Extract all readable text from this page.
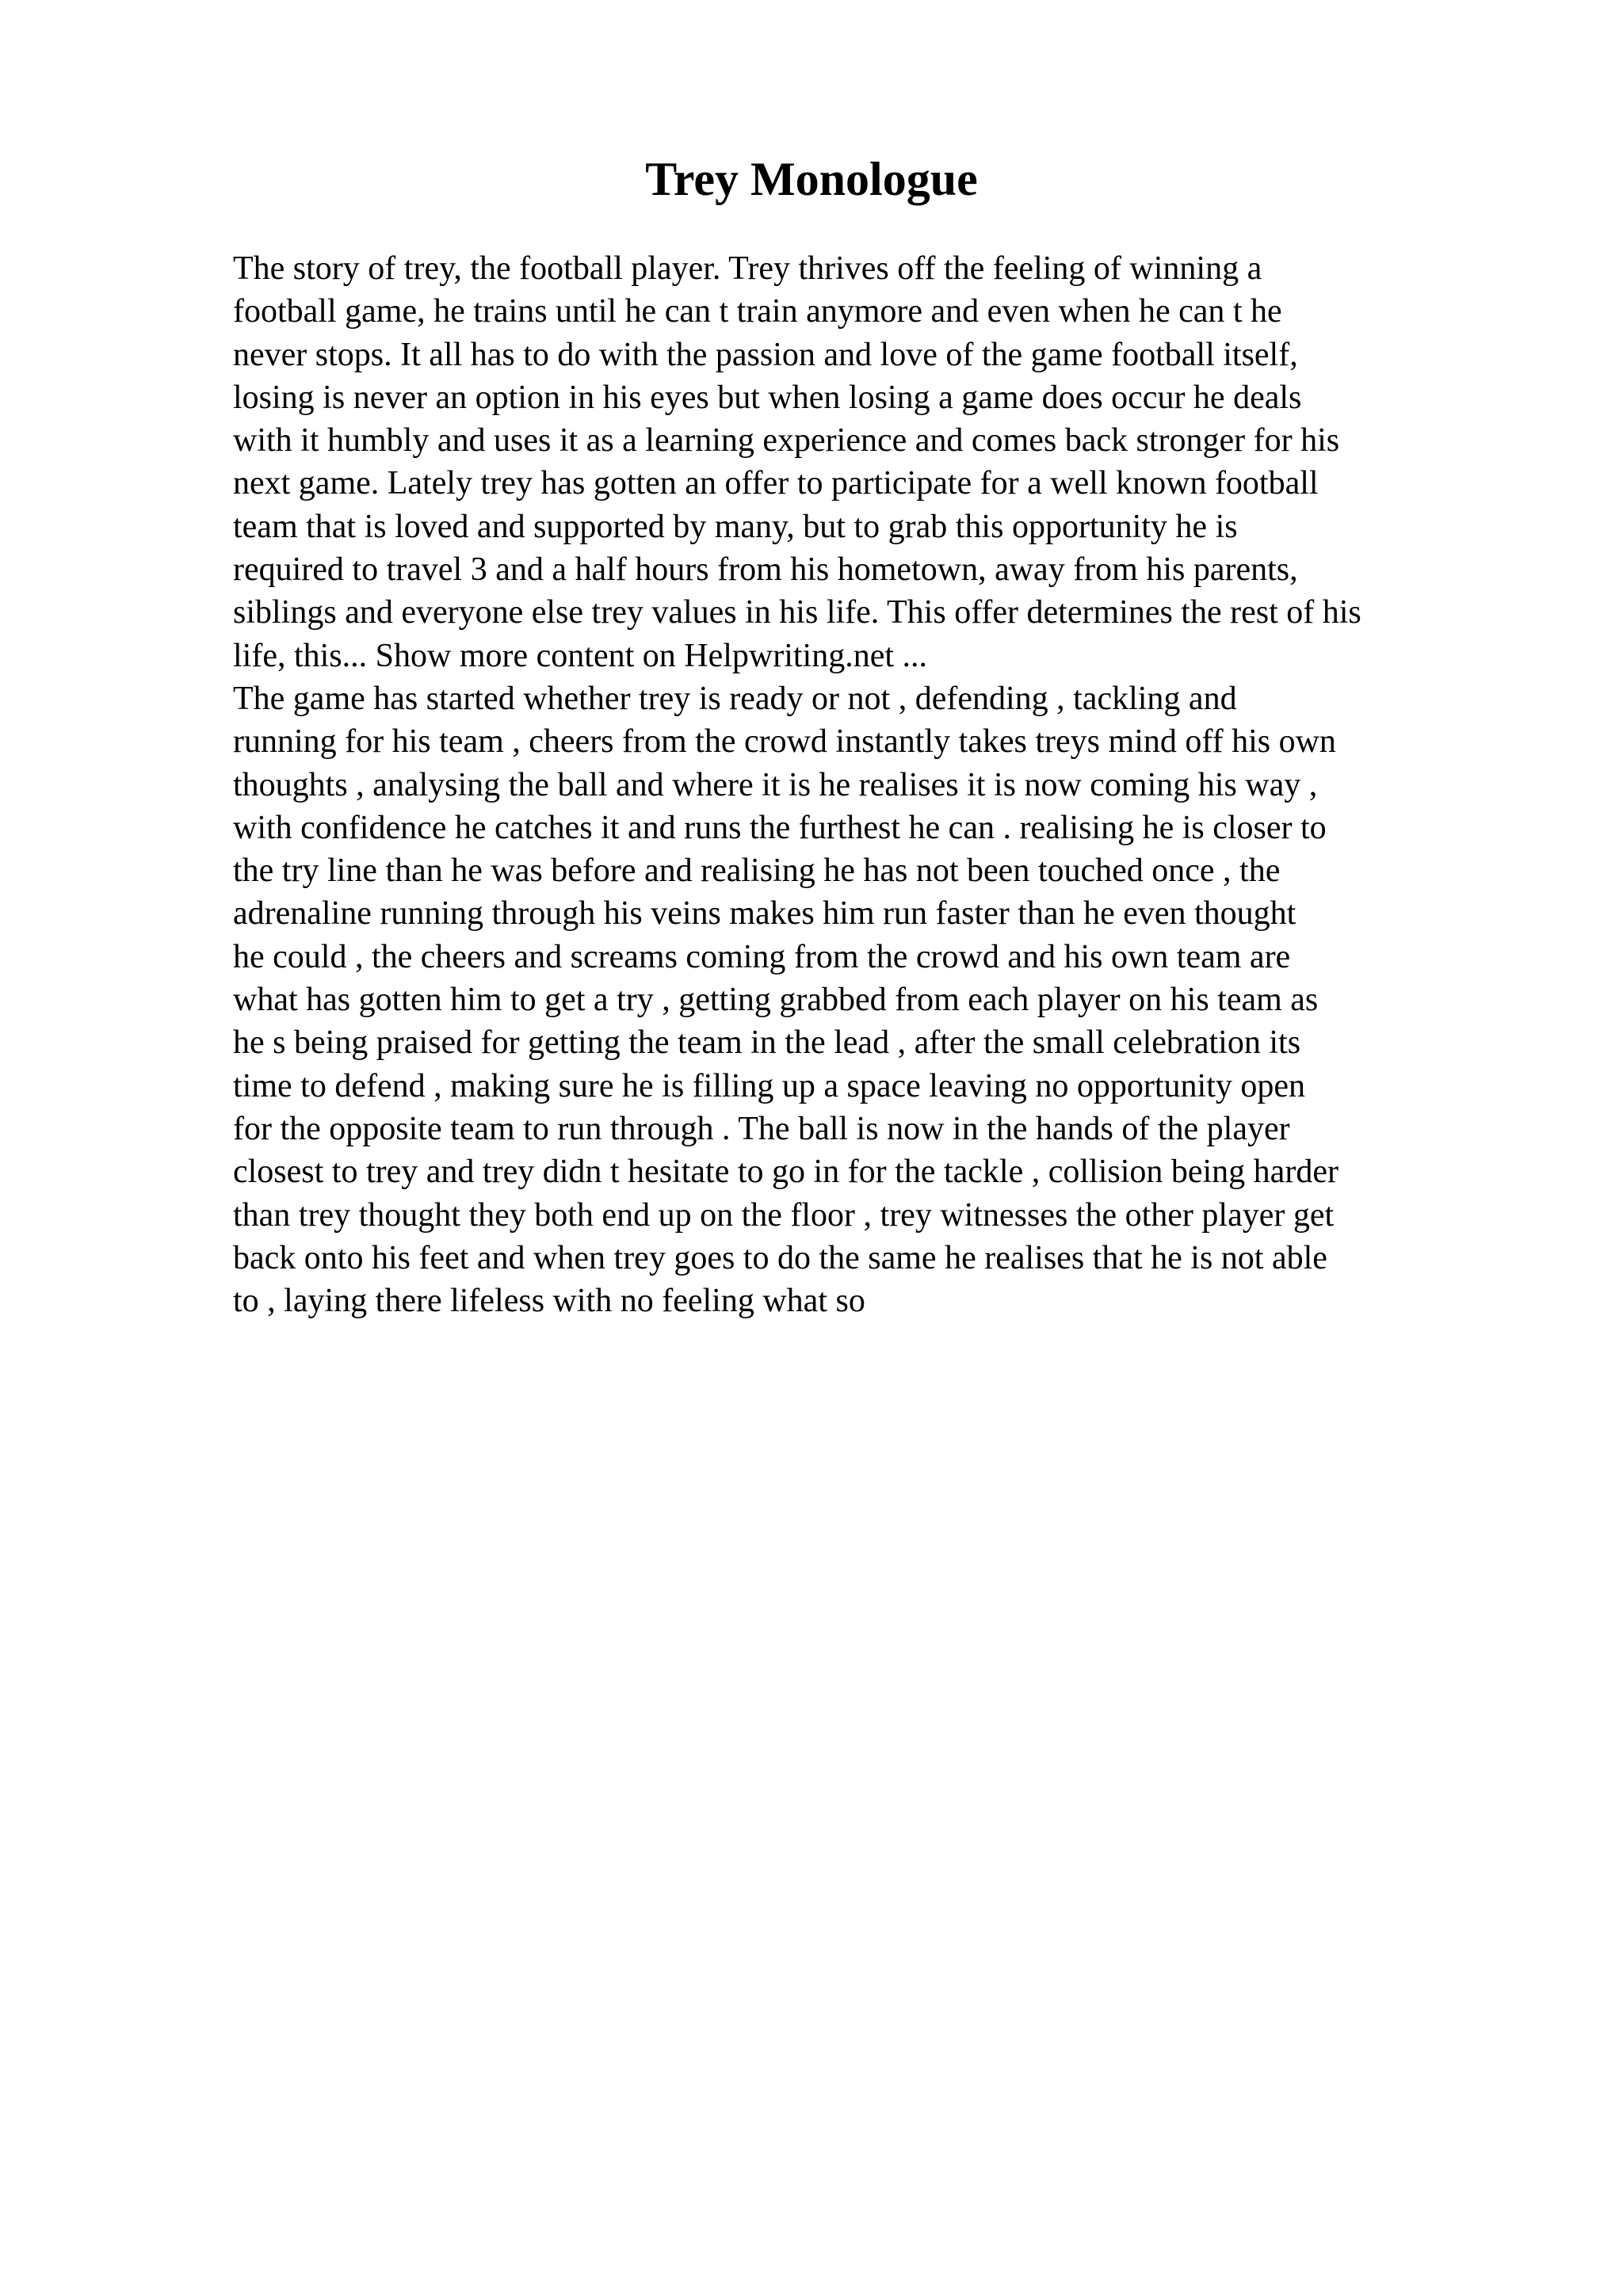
Trey Monologue
The story of trey, the football player. Trey thrives off the feeling of winning a
football game, he trains until he can t train anymore and even when he can t he
never stops. It all has to do with the passion and love of the game football itself,
losing is never an option in his eyes but when losing a game does occur he deals
with it humbly and uses it as a learning experience and comes back stronger for his
next game. Lately trey has gotten an offer to participate for a well known football
team that is loved and supported by many, but to grab this opportunity he is
required to travel 3 and a half hours from his hometown, away from his parents,
siblings and everyone else trey values in his life. This offer determines the rest of his
life, this... Show more content on Helpwriting.net ...
The game has started whether trey is ready or not , defending , tackling and
running for his team , cheers from the crowd instantly takes treys mind off his own
thoughts , analysing the ball and where it is he realises it is now coming his way ,
with confidence he catches it and runs the furthest he can . realising he is closer to
the try line than he was before and realising he has not been touched once , the
adrenaline running through his veins makes him run faster than he even thought
he could , the cheers and screams coming from the crowd and his own team are
what has gotten him to get a try , getting grabbed from each player on his team as
he s being praised for getting the team in the lead , after the small celebration its
time to defend , making sure he is filling up a space leaving no opportunity open
for the opposite team to run through . The ball is now in the hands of the player
closest to trey and trey didn t hesitate to go in for the tackle , collision being harder
than trey thought they both end up on the floor , trey witnesses the other player get
back onto his feet and when trey goes to do the same he realises that he is not able
to , laying there lifeless with no feeling what so
